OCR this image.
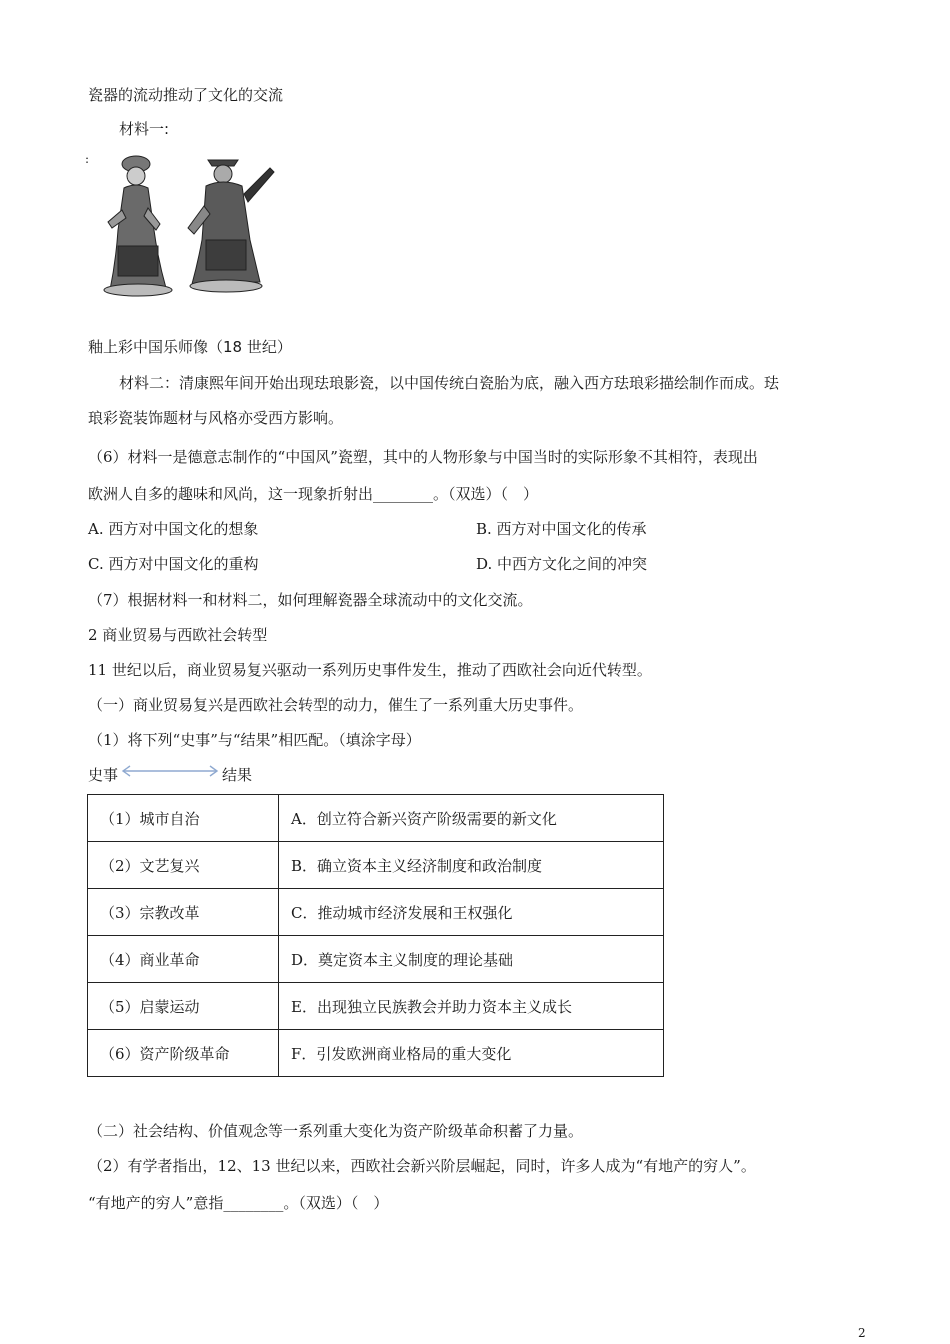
瓷器的流动推动了文化的交流
材料一:
:
釉上彩中国乐师像（18 世纪）
材料二：清康熙年间开始出现珐琅影瓷，以中国传统白瓷胎为底，融入西方珐琅彩描绘制作而成。珐
琅彩瓷装饰题材与风格亦受西方影响。
（6）材料一是德意志制作的“中国风”瓷塑，其中的人物形象与中国当时的实际形象不其相符，表现出
欧洲人自多的趣味和风尚，这一现象折射出________。（双选）（　）
A. 西方对中国文化的想象	B. 西方对中国文化的传承
C. 西方对中国文化的重构	D. 中西方文化之间的冲突
（7）根据材料一和材料二，如何理解瓷器全球流动中的文化交流。
2 商业贸易与西欧社会转型
11 世纪以后，商业贸易复兴驱动一系列历史事件发生，推动了西欧社会向近代转型。
（一）商业贸易复兴是西欧社会转型的动力，催生了一系列重大历史事件。
（1）将下列“史事”与“结果”相匹配。（填涂字母）
史事	结果
（1）城市自治	A．创立符合新兴资产阶级需要的新文化
（2）文艺复兴	B．确立资本主义经济制度和政治制度
（3）宗教改革	C．推动城市经济发展和王权强化
（4）商业革命	D．奠定资本主义制度的理论基础
（5）启蒙运动	E．出现独立民族教会并助力资本主义成长
（6）资产阶级革命	F．引发欧洲商业格局的重大变化
（二）社会结构、价值观念等一系列重大变化为资产阶级革命积蓄了力量。
（2）有学者指出，12、13 世纪以来，西欧社会新兴阶层崛起，同时，许多人成为“有地产的穷人”。
“有地产的穷人”意指________。（双选）（　）
2
